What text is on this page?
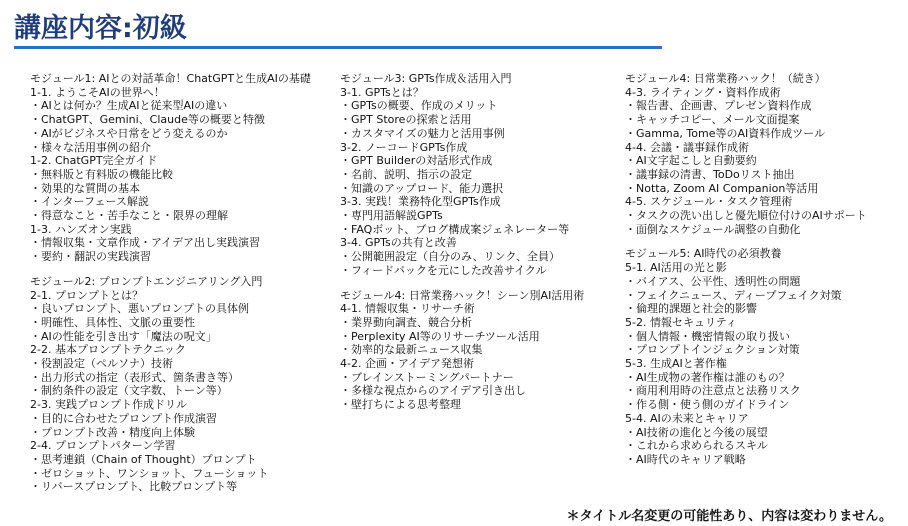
講座内容:初級
モジュール1: AIとの対話革命！ChatGPTと生成AIの基礎
1-1. ようこそAIの世界へ！
・AIとは何か？生成AIと従来型AIの違い
・ChatGPT、Gemini、Claude等の概要と特徴
・AIがビジネスや日常をどう変えるのか
・様々な活用事例の紹介
1-2. ChatGPT完全ガイド
・無料版と有料版の機能比較
・効果的な質問の基本
・インターフェース解説
・得意なこと・苦手なこと・限界の理解
1-3. ハンズオン実践
・情報収集・文章作成・アイデア出し実践演習
・要約・翻訳の実践演習
モジュール2: プロンプトエンジニアリング入門
2-1. プロンプトとは？
・良いプロンプト、悪いプロンプトの具体例
・明確性、具体性、文脈の重要性
・AIの性能を引き出す「魔法の呪文」
2-2. 基本プロンプトテクニック
・役割設定（ペルソナ）技術
・出力形式の指定（表形式、箇条書き等）
・制約条件の設定（文字数、トーン等）
2-3. 実践プロンプト作成ドリル
・目的に合わせたプロンプト作成演習
・プロンプト改善・精度向上体験
2-4. プロンプトパターン学習
・思考連鎖（Chain of Thought）プロンプト
・ゼロショット、ワンショット、フューショット
・リバースプロンプト、比較プロンプト等
モジュール3: GPTs作成＆活用入門
3-1. GPTsとは？
・GPTsの概要、作成のメリット
・GPT Storeの探索と活用
・カスタマイズの魅力と活用事例
3-2. ノーコードGPTs作成
・GPT Builderの対話形式作成
・名前、説明、指示の設定
・知識のアップロード、能力選択
3-3. 実践！業務特化型GPTs作成
・専門用語解説GPTs
・FAQボット、ブログ構成案ジェネレーター等
3-4. GPTsの共有と改善
・公開範囲設定（自分のみ、リンク、全員）
・フィードバックを元にした改善サイクル
モジュール4: 日常業務ハック！シーン別AI活用術
4-1. 情報収集・リサーチ術
・業界動向調査、競合分析
・Perplexity AI等のリサーチツール活用
・効率的な最新ニュース収集
4-2. 企画・アイデア発想術
・ブレインストーミングパートナー
・多様な視点からのアイデア引き出し
・壁打ちによる思考整理
モジュール4: 日常業務ハック！（続き）
4-3. ライティング・資料作成術
・報告書、企画書、プレゼン資料作成
・キャッチコピー、メール文面提案
・Gamma, Tome等のAI資料作成ツール
4-4. 会議・議事録作成術
・AI文字起こしと自動要約
・議事録の清書、ToDoリスト抽出
・Notta, Zoom AI Companion等活用
4-5. スケジュール・タスク管理術
・タスクの洗い出しと優先順位付けのAIサポート
・面倒なスケジュール調整の自動化
モジュール5: AI時代の必須教養
5-1. AI活用の光と影
・バイアス、公平性、透明性の問題
・フェイクニュース、ディープフェイク対策
・倫理的課題と社会的影響
5-2. 情報セキュリティ
・個人情報・機密情報の取り扱い
・プロンプトインジェクション対策
5-3. 生成AIと著作権
・AI生成物の著作権は誰のもの？
・商用利用時の注意点と法務リスク
・作る側・使う側のガイドライン
5-4. AIの未来とキャリア
・AI技術の進化と今後の展望
・これから求められるスキル
・AI時代のキャリア戦略
＊タイトル名変更の可能性あり、内容は変わりません。
